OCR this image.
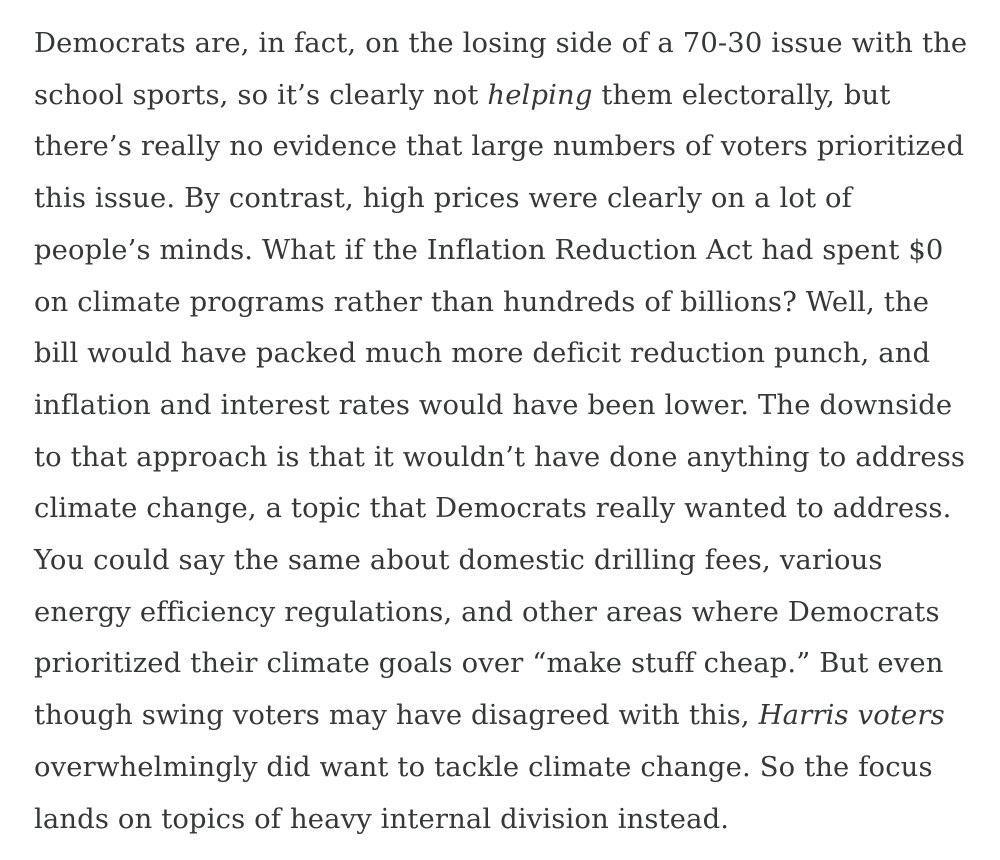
Democrats are, in fact, on the losing side of a 70-30 issue with the
school sports, so it’s clearly not helping them electorally, but
there’s really no evidence that large numbers of voters prioritized
this issue. By contrast, high prices were clearly on a lot of
people’s minds. What if the Inflation Reduction Act had spent $0
on climate programs rather than hundreds of billions? Well, the
bill would have packed much more deficit reduction punch, and
inflation and interest rates would have been lower. The downside
to that approach is that it wouldn’t have done anything to address
climate change, a topic that Democrats really wanted to address.
You could say the same about domestic drilling fees, various
energy efficiency regulations, and other areas where Democrats
prioritized their climate goals over “make stuff cheap.” But even
though swing voters may have disagreed with this, Harris voters
overwhelmingly did want to tackle climate change. So the focus
lands on topics of heavy internal division instead.
